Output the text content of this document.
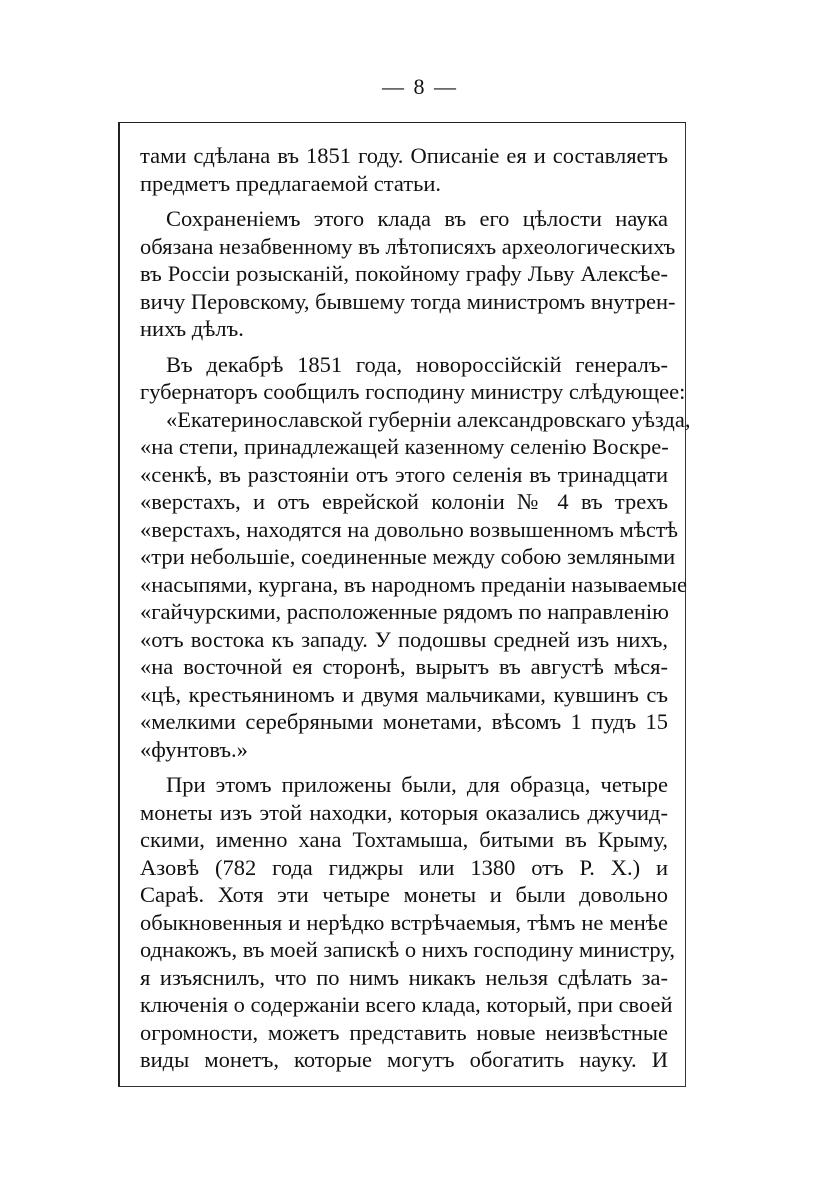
— 8 —
тами сдѣлана въ 1851 году. Описаніе ея и составляетъ
предметъ предлагаемой статьи.
Сохраненіемъ этого клада въ его цѣлости наука
обязана незабвенному въ лѣтописяхъ археологическихъ
въ Россіи розысканій, покойному графу Льву Алексѣе-
вичу Перовскому, бывшему тогда министромъ внутрен-
нихъ дѣлъ.
Въ декабрѣ 1851 года, новороссійскій генералъ-
губернаторъ сообщилъ господину министру слѣдующее:
«Екатеринославской губерніи александровскаго уѣзда,
«на степи, принадлежащей казенному селенію Воскре-
«сенкѣ, въ разстояніи отъ этого селенія въ тринадцати
«верстахъ, и отъ еврейской колоніи № 4 въ трехъ
«верстахъ, находятся на довольно возвышенномъ мѣстѣ
«три небольшіе, соединенные между собою земляными
«насыпями, кургана, въ народномъ преданіи называемые
«гайчурскими, расположенные рядомъ по направленію
«отъ востока къ западу. У подошвы средней изъ нихъ,
«на восточной ея сторонѣ, вырытъ въ августѣ мѣся-
«цѣ, крестьяниномъ и двумя мальчиками, кувшинъ съ
«мелкими серебряными монетами, вѣсомъ 1 пудъ 15
«фунтовъ.»
При этомъ приложены были, для образца, четыре
монеты изъ этой находки, которыя оказались джучид-
скими, именно хана Тохтамыша, битыми въ Крыму,
Азовѣ (782 года гиджры или 1380 отъ Р. Х.) и
Сараѣ. Хотя эти четыре монеты и были довольно
обыкновенныя и нерѣдко встрѣчаемыя, тѣмъ не менѣе
однакожъ, въ моей запискѣ о нихъ господину министру,
я изъяснилъ, что по нимъ никакъ нельзя сдѣлать за-
ключенія о содержаніи всего клада, который, при своей
огромности, можетъ представить новые неизвѣстные
виды монетъ, которые могутъ обогатить науку. И
